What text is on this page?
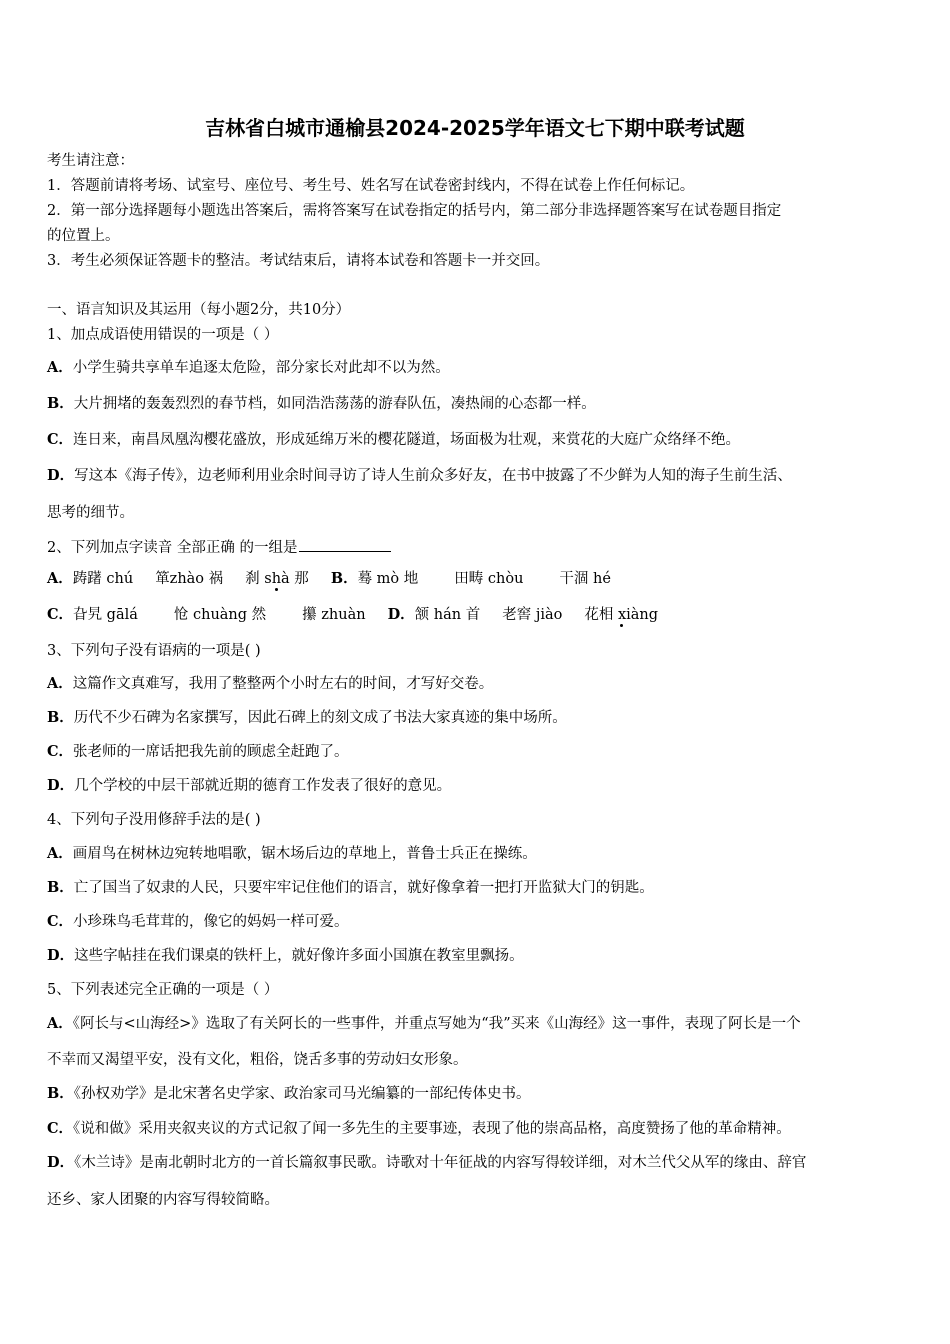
吉林省白城市通榆县2024-2025学年语文七下期中联考试题
考生请注意：
1．答题前请将考场、试室号、座位号、考生号、姓名写在试卷密封线内，不得在试卷上作任何标记。
2．第一部分选择题每小题选出答案后，需将答案写在试卷指定的括号内，第二部分非选择题答案写在试卷题目指定
的位置上。
3．考生必须保证答题卡的整洁。考试结束后，请将本试卷和答题卡一并交回。
一、语言知识及其运用（每小题2分，共10分）
1、加点成语使用错误的一项是（ ）
A．小学生骑共享单车追逐太危险，部分家长对此却不以为然。
B．大片拥堵的轰轰烈烈的春节档，如同浩浩荡荡的游春队伍，凑热闹的心态都一样。
C．连日来，南昌凤凰沟樱花盛放，形成延绵万米的樱花隧道，场面极为壮观，来赏花的大庭广众络绎不绝。
D．写这本《海子传》，边老师利用业余时间寻访了诗人生前众多好友，在书中披露了不少鲜为人知的海子生前生活、
思考的细节。
2、下列加点字读音 全部正确 的一组是
A．踌躇 chú 箪zhào 祸 刹 shà 那 B．蓦 mò 地 田畴 chòu 干涸 hé
C．旮旯 gālá 怆 chuàng 然 攥 zhuàn D．颔 hán 首 老窖 jiào 花相 xiàng
3、下列句子没有语病的一项是( )
A．这篇作文真难写，我用了整整两个小时左右的时间，才写好交卷。
B．历代不少石碑为名家撰写，因此石碑上的刻文成了书法大家真迹的集中场所。
C．张老师的一席话把我先前的顾虑全赶跑了。
D．几个学校的中层干部就近期的德育工作发表了很好的意见。
4、下列句子没用修辞手法的是( )
A．画眉鸟在树林边宛转地唱歌，锯木场后边的草地上，普鲁士兵正在操练。
B．亡了国当了奴隶的人民，只要牢牢记住他们的语言，就好像拿着一把打开监狱大门的钥匙。
C．小珍珠鸟毛茸茸的，像它的妈妈一样可爱。
D．这些字帖挂在我们课桌的铁杆上，就好像许多面小国旗在教室里飘扬。
5、下列表述完全正确的一项是（ ）
A．《阿长与<山海经>》选取了有关阿长的一些事件，并重点写她为“我”买来《山海经》这一事件，表现了阿长是一个
不幸而又渴望平安，没有文化，粗俗，饶舌多事的劳动妇女形象。
B．《孙权劝学》是北宋著名史学家、政治家司马光编纂的一部纪传体史书。
C．《说和做》采用夹叙夹议的方式记叙了闻一多先生的主要事迹，表现了他的崇高品格，高度赞扬了他的革命精神。
D．《木兰诗》是南北朝时北方的一首长篇叙事民歌。诗歌对十年征战的内容写得较详细，对木兰代父从军的缘由、辞官
还乡、家人团聚的内容写得较简略。
